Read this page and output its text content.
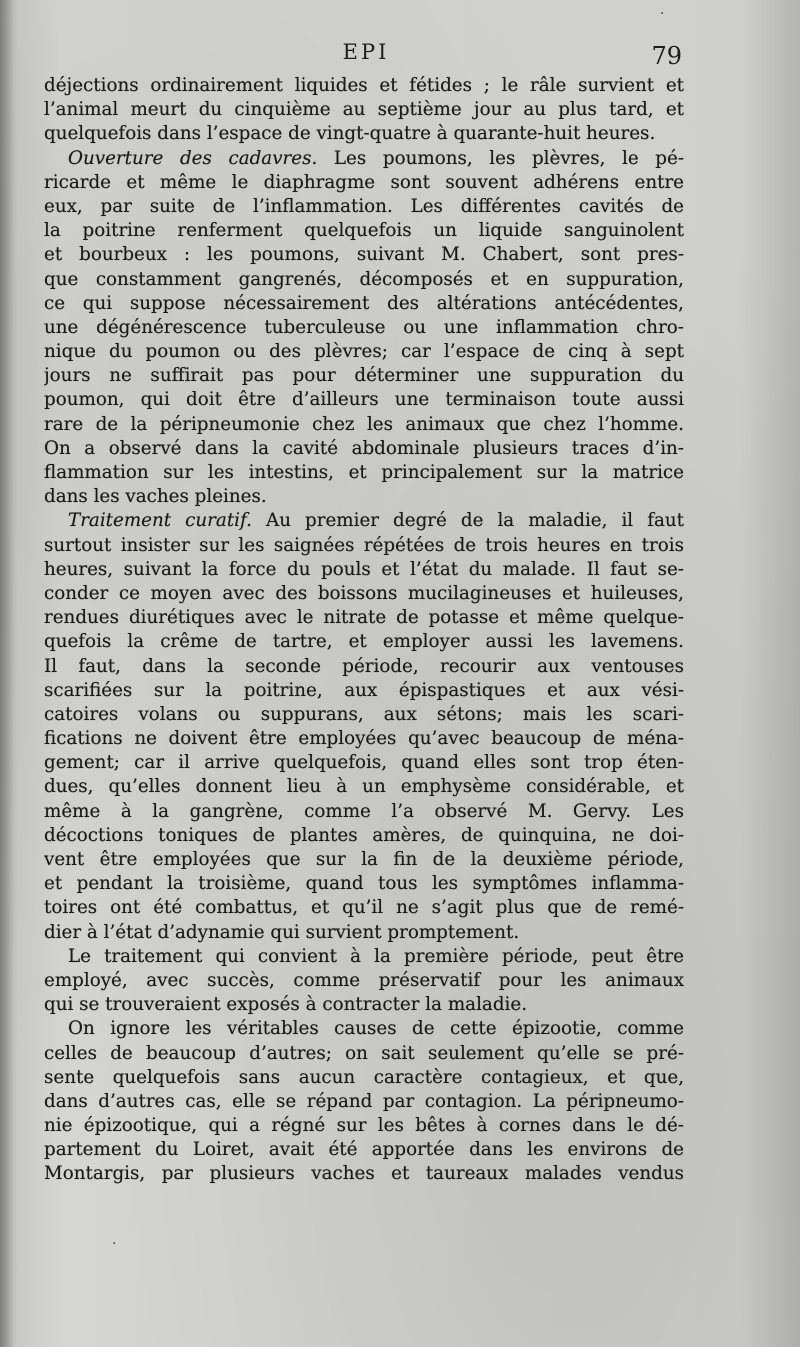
EPI	79
·
·
déjections ordinairement liquides et fétides ; le râle survient et
l’animal meurt du cinquième au septième jour au plus tard, et
quelquefois dans l’espace de vingt-quatre à quarante-huit heures.
Ouverture des cadavres. Les poumons, les plèvres, le pé-
ricarde et même le diaphragme sont souvent adhérens entre
eux, par suite de l’inflammation. Les différentes cavités de
la poitrine renferment quelquefois un liquide sanguinolent
et bourbeux : les poumons, suivant M. Chabert, sont pres-
que constamment gangrenés, décomposés et en suppuration,
ce qui suppose nécessairement des altérations antécédentes,
une dégénérescence tuberculeuse ou une inflammation chro-
nique du poumon ou des plèvres; car l’espace de cinq à sept
jours ne suffirait pas pour déterminer une suppuration du
poumon, qui doit être d’ailleurs une terminaison toute aussi
rare de la péripneumonie chez les animaux que chez l’homme.
On a observé dans la cavité abdominale plusieurs traces d’in-
flammation sur les intestins, et principalement sur la matrice
dans les vaches pleines.
Traitement curatif. Au premier degré de la maladie, il faut
surtout insister sur les saignées répétées de trois heures en trois
heures, suivant la force du pouls et l’état du malade. Il faut se-
conder ce moyen avec des boissons mucilagineuses et huileuses,
rendues diurétiques avec le nitrate de potasse et même quelque-
quefois la crême de tartre, et employer aussi les lavemens.
Il faut, dans la seconde période, recourir aux ventouses
scarifiées sur la poitrine, aux épispastiques et aux vési-
catoires volans ou suppurans, aux sétons; mais les scari-
fications ne doivent être employées qu’avec beaucoup de ména-
gement; car il arrive quelquefois, quand elles sont trop éten-
dues, qu’elles donnent lieu à un emphysème considérable, et
même à la gangrène, comme l’a observé M. Gervy. Les
décoctions toniques de plantes amères, de quinquina, ne doi-
vent être employées que sur la fin de la deuxième période,
et pendant la troisième, quand tous les symptômes inflamma-
toires ont été combattus, et qu’il ne s’agit plus que de remé-
dier à l’état d’adynamie qui survient promptement.
Le traitement qui convient à la première période, peut être
employé, avec succès, comme préservatif pour les animaux
qui se trouveraient exposés à contracter la maladie.
On ignore les véritables causes de cette épizootie, comme
celles de beaucoup d’autres; on sait seulement qu’elle se pré-
sente quelquefois sans aucun caractère contagieux, et que,
dans d’autres cas, elle se répand par contagion. La péripneumo-
nie épizootique, qui a régné sur les bêtes à cornes dans le dé-
partement du Loiret, avait été apportée dans les environs de
Montargis, par plusieurs vaches et taureaux malades vendus
